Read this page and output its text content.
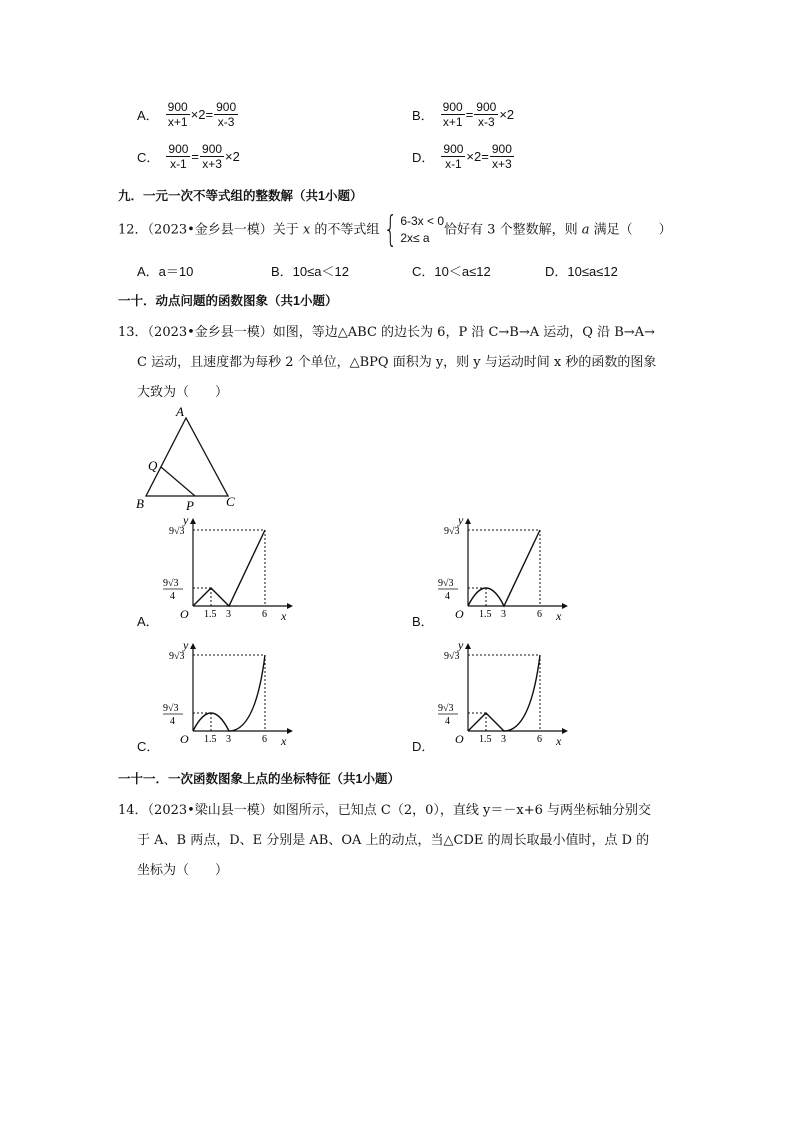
A． $\frac{900}{x+1} \times 2= \frac{900}{x-3}$	B． $\frac{900}{x+1} = \frac{900}{x-3} \times 2$
C． $\frac{900}{x-1} = \frac{900}{x+3} \times 2$	D． $\frac{900}{x-1} \times 2= \frac{900}{x+3}$
九．一元一次不等式组的整数解（共1小题）
12．（2023•金乡县一模）关于 x 的不等式组 { 6-3x < 0
2x≤ a
恰好有 3 个整数解，则 a 满足（　　）
A．a＝10	B．10≤a＜12	C．10＜a≤12	D．10≤a≤12
一十．动点问题的函数图象（共1小题）
13．（2023•金乡县一模）如图，等边△ABC 的边长为 6，P 沿 C→B→A 运动，Q 沿 B→A→
C 运动，且速度都为每秒 2 个单位，△BPQ 面积为 y，则 y 与运动时间 x 秒的函数的图象
大致为（　　）
A
B	C
P
Q
A．
y
x
O 1.5 3	6
9√3
9√3
4
B．
y
x
O 1.5 3	6
9√3
9√3
4
C．
y
x
O 1.5 3	6
9√3
9√3
4
D．
y
x
O 1.5 3	6
9√3
9√3
4
一十一．一次函数图象上点的坐标特征（共1小题）
14．（2023•梁山县一模）如图所示，已知点 C（2，0），直线 y＝－x+6 与两坐标轴分别交
于 A、B 两点，D、E 分别是 AB、OA 上的动点，当△CDE 的周长取最小值时，点 D 的
坐标为（　　）
